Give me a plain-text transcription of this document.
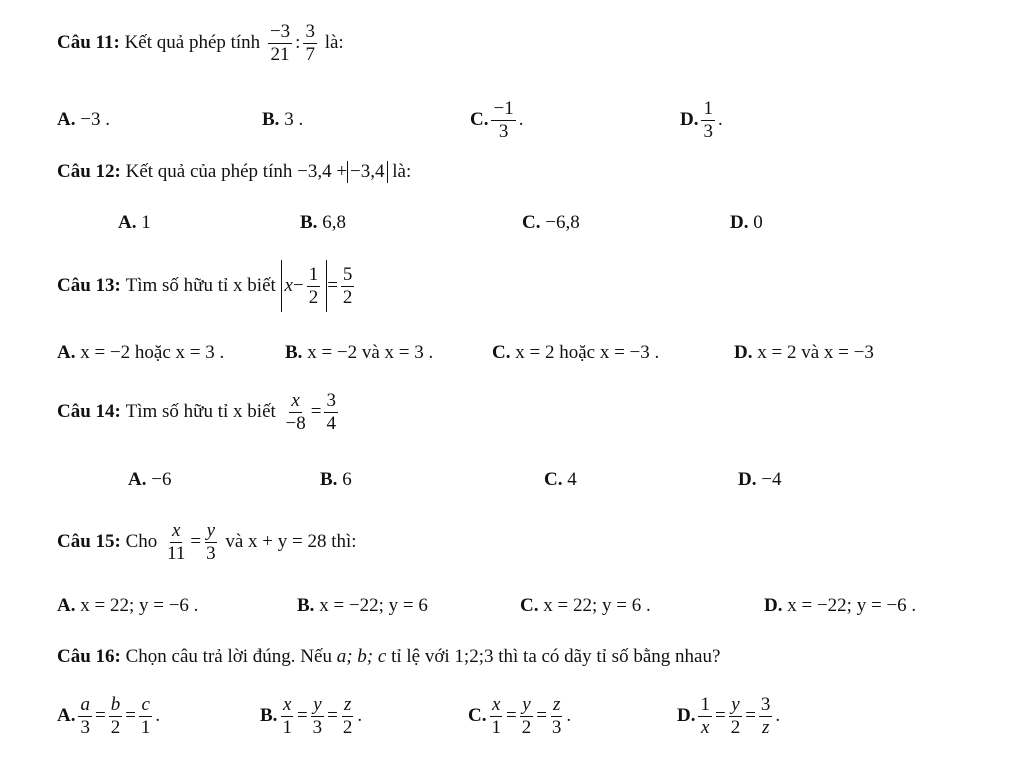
Câu 11:
Kết quả phép tính
$\frac{-3}{21}$ : $\frac{3}{7}$
là:
A.
−3 .	B.
3 .	C. $\frac{-1}{3}$ .	D. $\frac{1}{3}$ .
Câu 12:
Kết quả của phép tính
−3,4 + −3,4
là:
A.
1	B.
6,8	C.
−6,8	D.
0
Câu 13:
Tìm số hữu tỉ x biết
$x - \frac{1}{2} = \frac{5}{2}$
A.
x = −2 hoặc x = 3 .	B.
x = −2 và x = 3 .	C.
x = 2 hoặc x = −3 .	D.
x = 2 và x = −3
Câu 14:
Tìm số hữu tỉ x biết
$\frac{x}{-8} = \frac{3}{4}$
A.
−6	B.
6	C.
4	D.
−4
Câu 15:
Cho
$\frac{x}{11} = \frac{y}{3}$
và
x + y = 28
thì:
A.
x = 22; y = −6 .	B.
x = −22; y = 6	C.
x = 22; y = 6 .	D.
x = −22; y = −6 .
Câu 16:
Chọn câu trả lời đúng. Nếu
a; b; c
tỉ lệ với
1;2;3
thì ta có dãy tỉ số bằng nhau?
A. $\frac{a}{3} = \frac{b}{2} = \frac{c}{1}$ .	B. $\frac{x}{1} = \frac{y}{3} = \frac{z}{2}$ .	C. $\frac{x}{1} = \frac{y}{2} = \frac{z}{3}$ .	D. $\frac{1}{x} = \frac{y}{2} = \frac{3}{z}$ .
